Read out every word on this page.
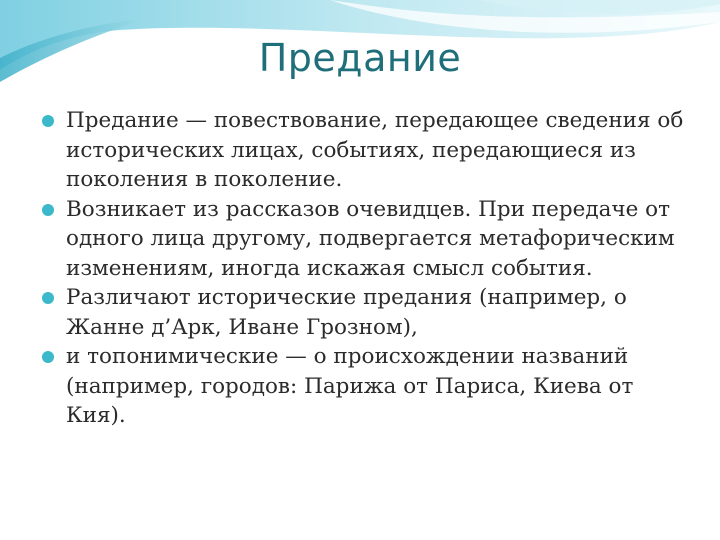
Предание
Предание — повествование, передающее сведения об исторических лицах, событиях, передающиеся из поколения в поколение.
Возникает из рассказов очевидцев. При передаче от одного лица другому, подвергается метафорическим изменениям, иногда искажая смысл события.
Различают исторические предания (например, о Жанне д’Арк, Иване Грозном),
и топонимические — о происхождении названий (например, городов: Парижа от Париса, Киева от Кия).
